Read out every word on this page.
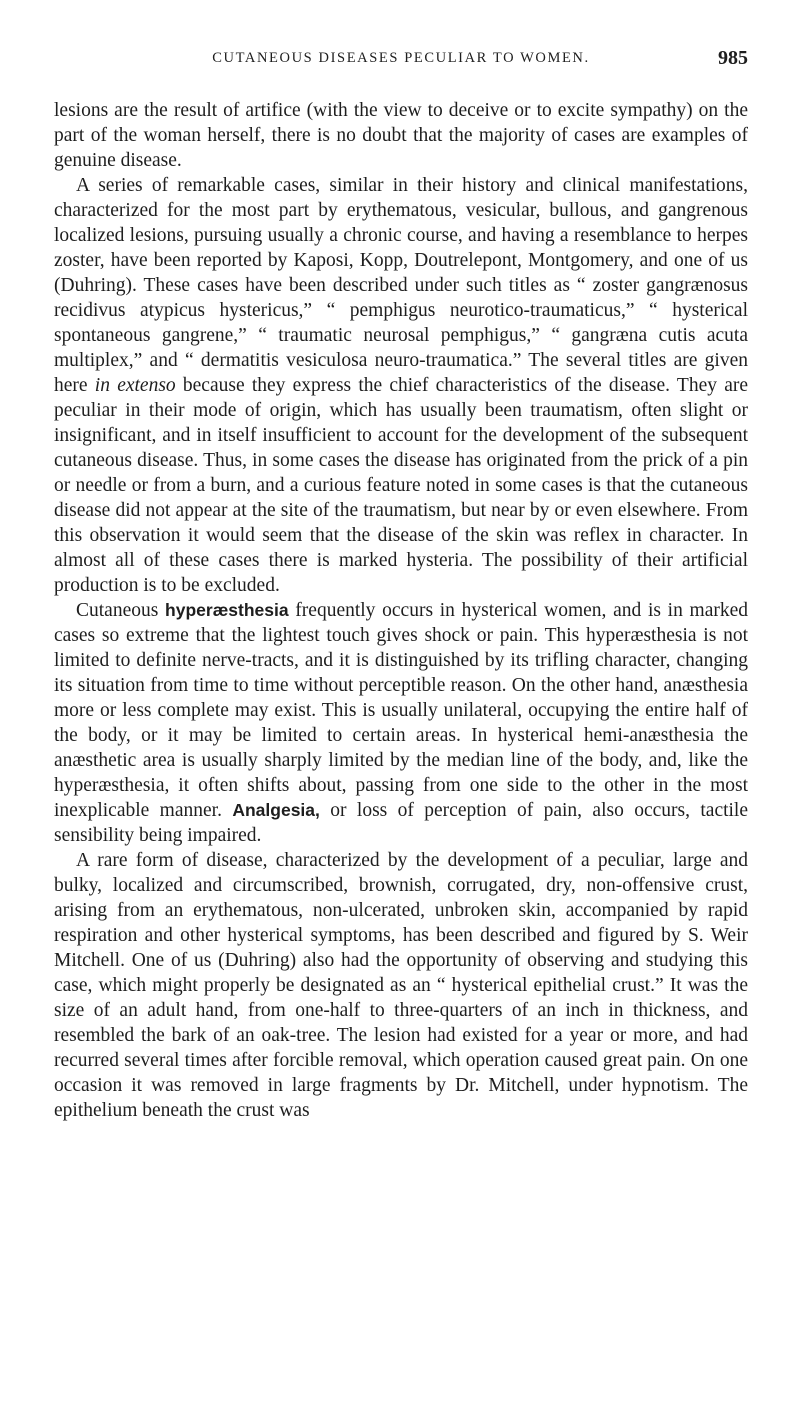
CUTANEOUS DISEASES PECULIAR TO WOMEN.	985

lesions are the result of artifice (with the view to deceive or to excite sympathy) on the part of the woman herself, there is no doubt that the majority of cases are examples of genuine disease.

A series of remarkable cases, similar in their history and clinical manifestations, characterized for the most part by erythematous, vesicular, bullous, and gangrenous localized lesions, pursuing usually a chronic course, and having a resemblance to herpes zoster, have been reported by Kaposi, Kopp, Doutrelepont, Montgomery, and one of us (Duhring). These cases have been described under such titles as “ zoster gangrænosus recidivus atypicus hystericus,” “ pemphigus neurotico-traumaticus,” “ hysterical spontaneous gangrene,” “ traumatic neurosal pemphigus,” “ gangræna cutis acuta multiplex,” and “ dermatitis vesiculosa neuro-traumatica.” The several titles are given here in extenso because they express the chief characteristics of the disease. They are peculiar in their mode of origin, which has usually been traumatism, often slight or insignificant, and in itself insufficient to account for the development of the subsequent cutaneous disease. Thus, in some cases the disease has originated from the prick of a pin or needle or from a burn, and a curious feature noted in some cases is that the cutaneous disease did not appear at the site of the traumatism, but near by or even elsewhere. From this observation it would seem that the disease of the skin was reflex in character. In almost all of these cases there is marked hysteria. The possibility of their artificial production is to be excluded.

Cutaneous hyperæsthesia frequently occurs in hysterical women, and is in marked cases so extreme that the lightest touch gives shock or pain. This hyperæsthesia is not limited to definite nerve-tracts, and it is distinguished by its trifling character, changing its situation from time to time without perceptible reason. On the other hand, anæsthesia more or less complete may exist. This is usually unilateral, occupying the entire half of the body, or it may be limited to certain areas. In hysterical hemi-anæsthesia the anæsthetic area is usually sharply limited by the median line of the body, and, like the hyperæsthesia, it often shifts about, passing from one side to the other in the most inexplicable manner. Analgesia, or loss of perception of pain, also occurs, tactile sensibility being impaired.

A rare form of disease, characterized by the development of a peculiar, large and bulky, localized and circumscribed, brownish, corrugated, dry, non-offensive crust, arising from an erythematous, non-ulcerated, unbroken skin, accompanied by rapid respiration and other hysterical symptoms, has been described and figured by S. Weir Mitchell. One of us (Duhring) also had the opportunity of observing and studying this case, which might properly be designated as an “ hysterical epithelial crust.” It was the size of an adult hand, from one-half to three-quarters of an inch in thickness, and resembled the bark of an oak-tree. The lesion had existed for a year or more, and had recurred several times after forcible removal, which operation caused great pain. On one occasion it was removed in large fragments by Dr. Mitchell, under hypnotism. The epithelium beneath the crust was
